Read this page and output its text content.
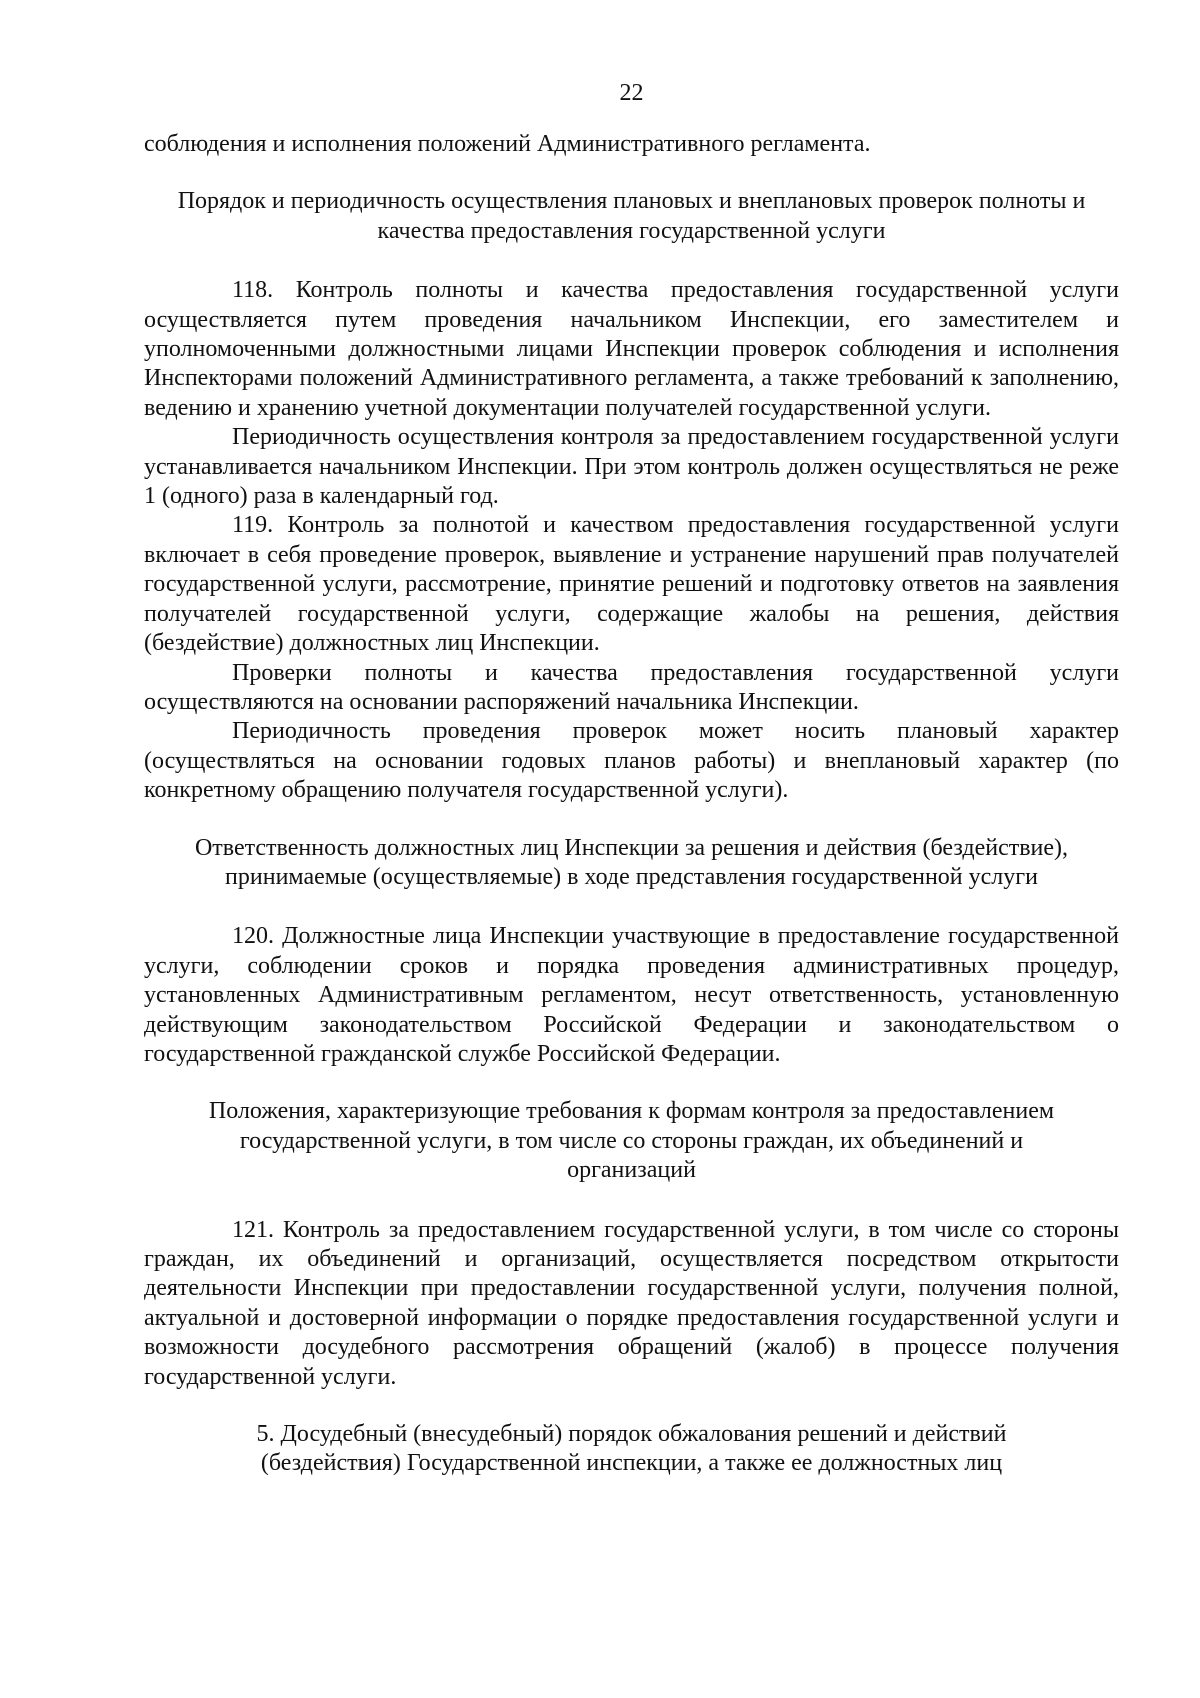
22

соблюдения и исполнения положений Административного регламента.

Порядок и периодичность осуществления плановых и внеплановых проверок полноты и качества предоставления государственной услуги

118. Контроль полноты и качества предоставления государственной услуги осуществляется путем проведения начальником Инспекции, его заместителем и уполномоченными должностными лицами Инспекции проверок соблюдения и исполнения Инспекторами положений Административного регламента, а также требований к заполнению, ведению и хранению учетной документации получателей государственной услуги.

Периодичность осуществления контроля за предоставлением государственной услуги устанавливается начальником Инспекции. При этом контроль должен осуществляться не реже 1 (одного) раза в календарный год.

119. Контроль за полнотой и качеством предоставления государственной услуги включает в себя проведение проверок, выявление и устранение нарушений прав получателей государственной услуги, рассмотрение, принятие решений и подготовку ответов на заявления получателей государственной услуги, содержащие жалобы на решения, действия (бездействие) должностных лиц Инспекции.

Проверки полноты и качества предоставления государственной услуги осуществляются на основании распоряжений начальника Инспекции.

Периодичность проведения проверок может носить плановый характер (осуществляться на основании годовых планов работы) и внеплановый характер (по конкретному обращению получателя государственной услуги).

Ответственность должностных лиц Инспекции за решения и действия (бездействие), принимаемые (осуществляемые) в ходе представления государственной услуги

120. Должностные лица Инспекции участвующие в предоставление государственной услуги, соблюдении сроков и порядка проведения административных процедур, установленных Административным регламентом, несут ответственность, установленную действующим законодательством Российской Федерации и законодательством о государственной гражданской службе Российской Федерации.

Положения, характеризующие требования к формам контроля за предоставлением государственной услуги, в том числе со стороны граждан, их объединений и организаций

121. Контроль за предоставлением государственной услуги, в том числе со стороны граждан, их объединений и организаций, осуществляется посредством открытости деятельности Инспекции при предоставлении государственной услуги, получения полной, актуальной и достоверной информации о порядке предоставления государственной услуги и возможности досудебного рассмотрения обращений (жалоб) в процессе получения государственной услуги.

5. Досудебный (внесудебный) порядок обжалования решений и действий (бездействия) Государственной инспекции, а также ее должностных лиц
